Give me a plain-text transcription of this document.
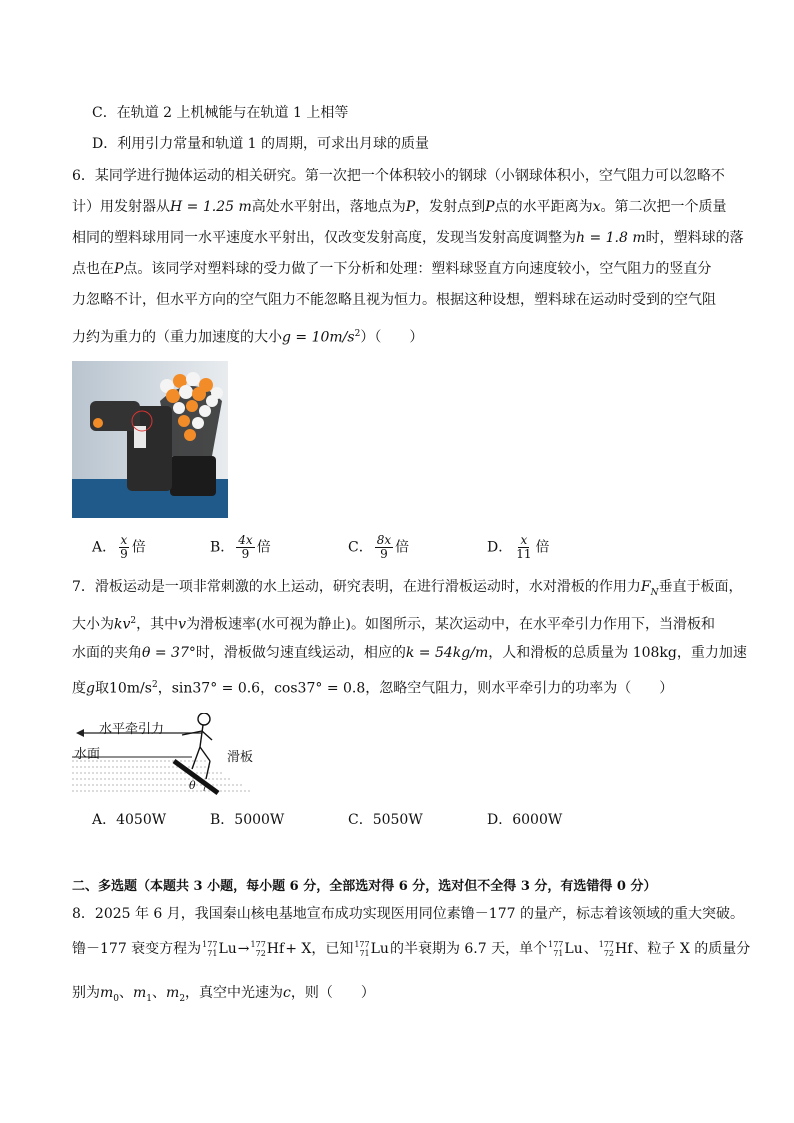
C．在轨道 2 上机械能与在轨道 1 上相等
D．利用引力常量和轨道 1 的周期，可求出月球的质量
6．某同学进行抛体运动的相关研究。第一次把一个体积较小的钢球（小钢球体积小，空气阻力可以忽略不
计）用发射器从H = 1.25 m高处水平射出，落地点为P，发射点到P点的水平距离为x。第二次把一个质量
相同的塑料球用同一水平速度水平射出，仅改变发射高度，发现当发射高度调整为h = 1.8 m时，塑料球的落
点也在P点。该同学对塑料球的受力做了一下分析和处理：塑料球竖直方向速度较小，空气阻力的竖直分
力忽略不计，但水平方向的空气阻力不能忽略且视为恒力。根据这种设想，塑料球在运动时受到的空气阻
力约为重力的（重力加速度的大小$g = 10m/s^2$）（　　）
A． $\frac{x}{9}$ 倍	B． $\frac{4x}{9}$ 倍	C． $\frac{8x}{9}$ 倍	D． $\frac{x}{11}$ 倍
7．滑板运动是一项非常刺激的水上运动，研究表明，在进行滑板运动时，水对滑板的作用力$F_N$垂直于板面，
大小为$kv^2$，其中v为滑板速率(水可视为静止)。如图所示，某次运动中，在水平牵引力作用下，当滑板和
水面的夹角θ = 37°时，滑板做匀速直线运动，相应的k = 54kg/m，人和滑板的总质量为 108kg，重力加速
度g取$10m/s^2$，sin37° = 0.6，cos37° = 0.8，忽略空气阻力，则水平牵引力的功率为（　　）
水平牵引力
水面	滑板
θ
A．4050W	B．5000W	C．5050W	D．6000W
二、多选题（本题共 3 小题，每小题 6 分，全部选对得 6 分，选对但不全得 3 分，有选错得 0 分）
8．2025 年 6 月，我国秦山核电基地宣布成功实现医用同位素镥－177 的量产，标志着该领域的重大突破。
镥－177 衰变方程为 177
71 Lu → 177
72 Hf + X，已知 177
71 Lu 的半衰期为 6.7 天，单个 177
71 Lu 、 177
72 Hf 、粒子 X 的质量分
别为$m_0$、$m_1$、$m_2$，真空中光速为c，则（　　）
